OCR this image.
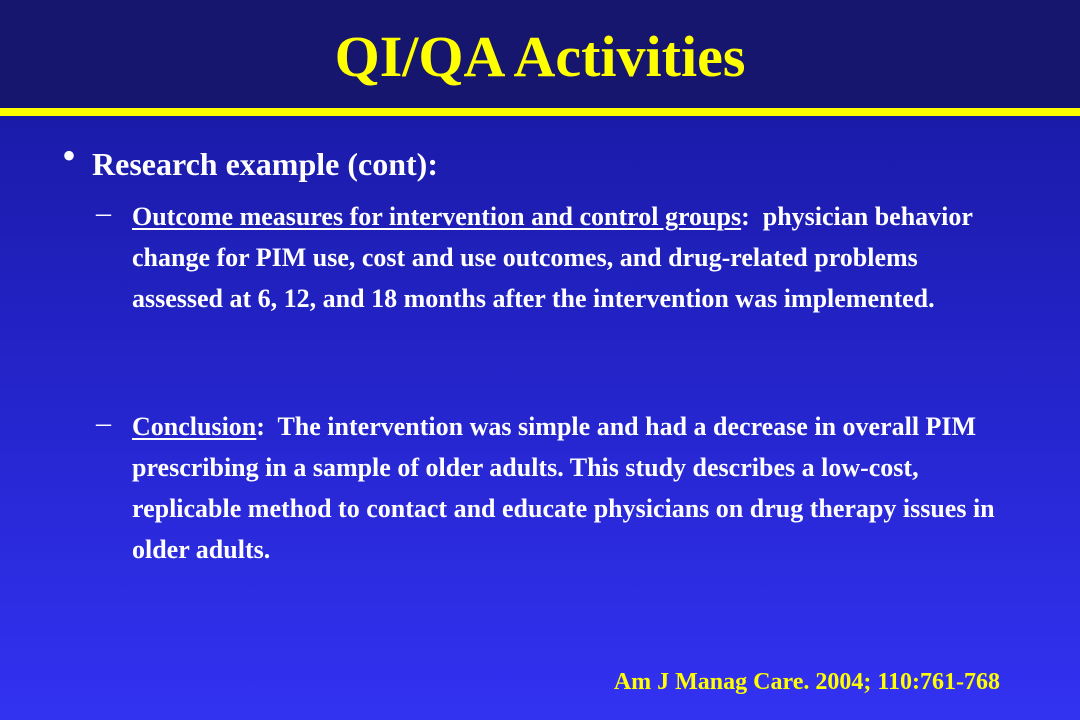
QI/QA Activities
• Research example (cont):
– Outcome measures for intervention and control groups:  physician behavior change for PIM use, cost and use outcomes, and drug-related problems assessed at 6, 12, and 18 months after the intervention was implemented.
– Conclusion:  The intervention was simple and had a decrease in overall PIM prescribing in a sample of older adults. This study describes a low-cost, replicable method to contact and educate physicians on drug therapy issues in older adults.
Am J Manag Care. 2004; 110:761-768
